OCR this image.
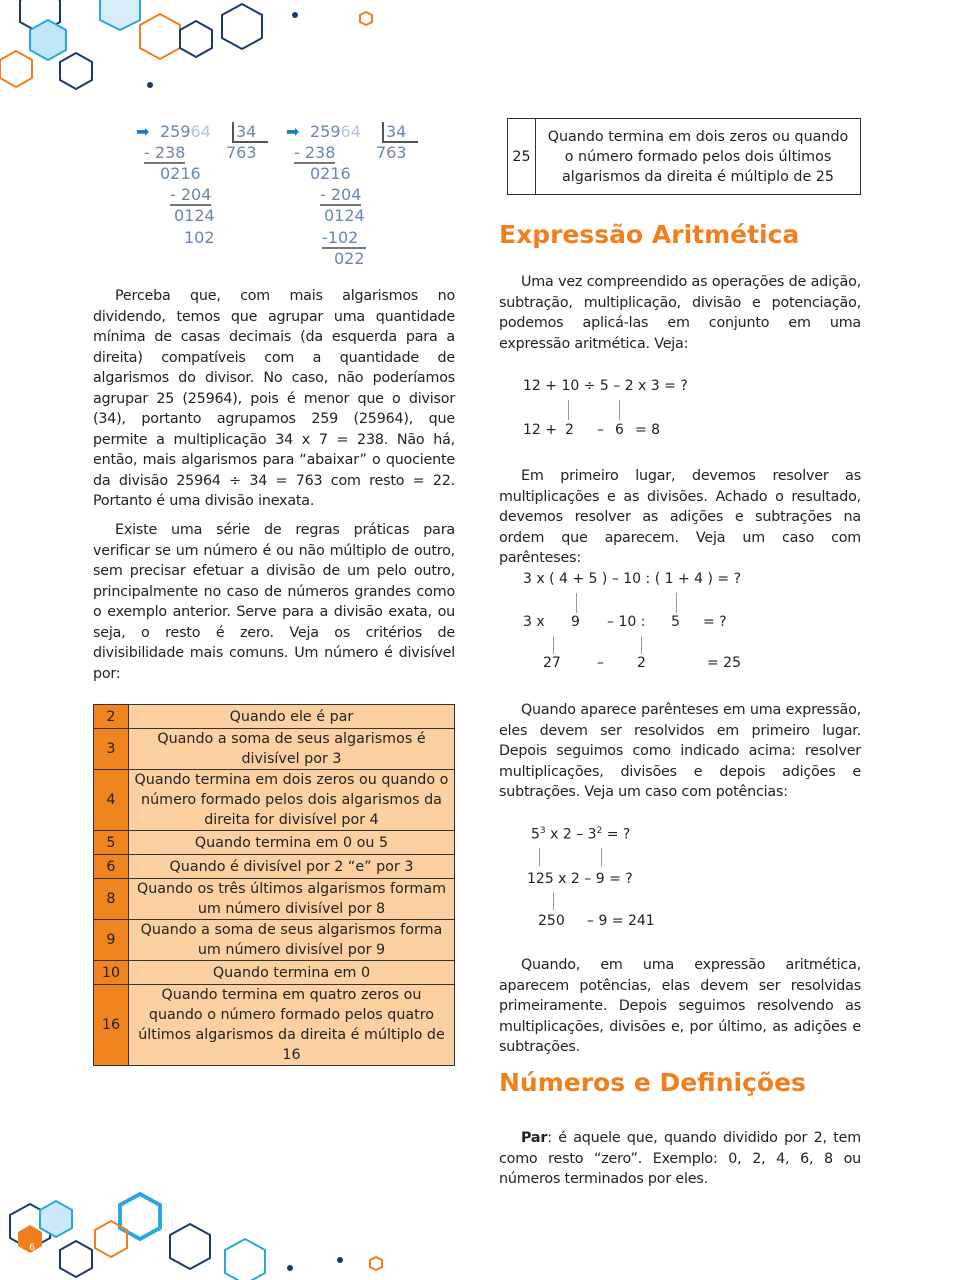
➡ 25964 34
763
- 238
0216
- 204
0124
102
➡ 25964 34
763
- 238
0216
- 204
0124
-102
022
Perceba que, com mais algarismos no dividendo, temos que agrupar uma quantidade mínima de casas decimais (da esquerda para a direita) compatíveis com a quantidade de algarismos do divisor. No caso, não poderíamos agrupar 25 (25964), pois é menor que o divisor (34), portanto agrupamos 259 (25964), que permite a multiplicação 34 x 7 = 238. Não há, então, mais algarismos para “abaixar” o quociente da divisão 25964 ÷ 34 = 763 com resto = 22. Portanto é uma divisão inexata.
Existe uma série de regras práticas para verificar se um número é ou não múltiplo de outro, sem precisar efetuar a divisão de um pelo outro, principalmente no caso de números grandes como o exemplo anterior. Serve para a divisão exata, ou seja, o resto é zero. Veja os critérios de divisibilidade mais comuns. Um número é divisível por:
2	Quando ele é par
3	Quando a soma de seus algarismos é divisível por 3
4	Quando termina em dois zeros ou quando o número formado pelos dois algarismos da direita for divisível por 4
5	Quando termina em 0 ou 5
6	Quando é divisível por 2 “e” por 3
8	Quando os três últimos algarismos formam um número divisível por 8
9	Quando a soma de seus algarismos forma um número divisível por 9
10	Quando termina em 0
16	Quando termina em quatro zeros ou quando o número formado pelos quatro últimos algarismos da direita é múltiplo de 16
25	Quando termina em dois zeros ou quando o número formado pelos dois últimos algarismos da direita é múltiplo de 25
Expressão Aritmética
Uma vez compreendido as operações de adição, subtração, multiplicação, divisão e potenciação, podemos aplicá-las em conjunto em uma expressão aritmética. Veja:
12 + 10 ÷ 5 – 2 x 3 = ?
12 + 2 – 6 = 8
Em primeiro lugar, devemos resolver as multiplicações e as divisões. Achado o resultado, devemos resolver as adições e subtrações na ordem que aparecem. Veja um caso com parênteses:
3 x ( 4 + 5 ) – 10 : ( 1 + 4 ) = ?
3 x 9 – 10 : 5 = ?
27	– 2	= 25
Quando aparece parênteses em uma expressão, eles devem ser resolvidos em primeiro lugar. Depois seguimos como indicado acima: resolver multiplicações, divisões e depois adições e subtrações. Veja um caso com potências:
$5^3$ x $2 - 3^2$ = ?
125 x 2 – 9 = ?
250 – 9 = 241
Quando, em uma expressão aritmética, aparecem potências, elas devem ser resolvidas primeiramente. Depois seguimos resolvendo as multiplicações, divisões e, por último, as adições e subtrações.
Números e Definições
Par: é aquele que, quando dividido por 2, tem como resto “zero”. Exemplo: 0, 2, 4, 6, 8 ou números terminados por eles.
6
